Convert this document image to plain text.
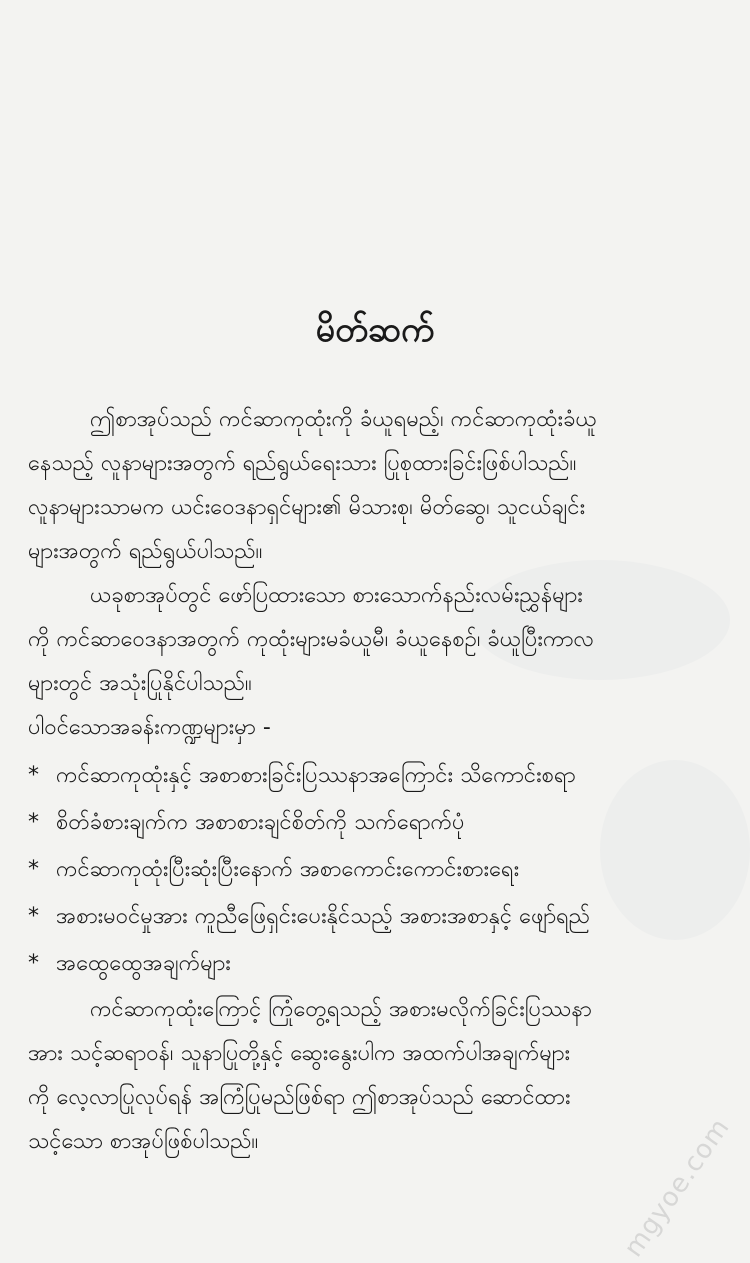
မိတ်ဆက်
ဤစာအုပ်သည် ကင်ဆာကုထုံးကို ခံယူရမည့်၊ ကင်ဆာကုထုံးခံယူ
နေသည့် လူနာများအတွက် ရည်ရွယ်ရေးသား ပြုစုထားခြင်းဖြစ်ပါသည်။
လူနာများသာမက ယင်းဝေဒနာရှင်များ၏ မိသားစု၊ မိတ်ဆွေ၊ သူငယ်ချင်း
များအတွက် ရည်ရွယ်ပါသည်။
ယခုစာအုပ်တွင် ဖော်ပြထားသော စားသောက်နည်းလမ်းညွှန်များ
ကို ကင်ဆာဝေဒနာအတွက် ကုထုံးများမခံယူမီ၊ ခံယူနေစဉ်၊ ခံယူပြီးကာလ
များတွင် အသုံးပြုနိုင်ပါသည်။
ပါဝင်သောအခန်းကဏ္ဍများမှာ -
* ကင်ဆာကုထုံးနှင့် အစာစားခြင်းပြဿနာအကြောင်း သိကောင်းစရာ
* စိတ်ခံစားချက်က အစာစားချင်စိတ်ကို သက်ရောက်ပုံ
* ကင်ဆာကုထုံးပြီးဆုံးပြီးနောက် အစာကောင်းကောင်းစားရေး
* အစားမဝင်မှုအား ကူညီဖြေရှင်းပေးနိုင်သည့် အစားအစာနှင့် ဖျော်ရည်
* အထွေထွေအချက်များ
ကင်ဆာကုထုံးကြောင့် ကြုံတွေ့ရသည့် အစားမလိုက်ခြင်းပြဿနာ
အား သင့်ဆရာဝန်၊ သူနာပြုတို့နှင့် ဆွေးနွေးပါက အထက်ပါအချက်များ
ကို လေ့လာပြုလုပ်ရန် အကြံပြုမည်ဖြစ်ရာ ဤစာအုပ်သည် ဆောင်ထား
သင့်သော စာအုပ်ဖြစ်ပါသည်။	mgyoe.com
